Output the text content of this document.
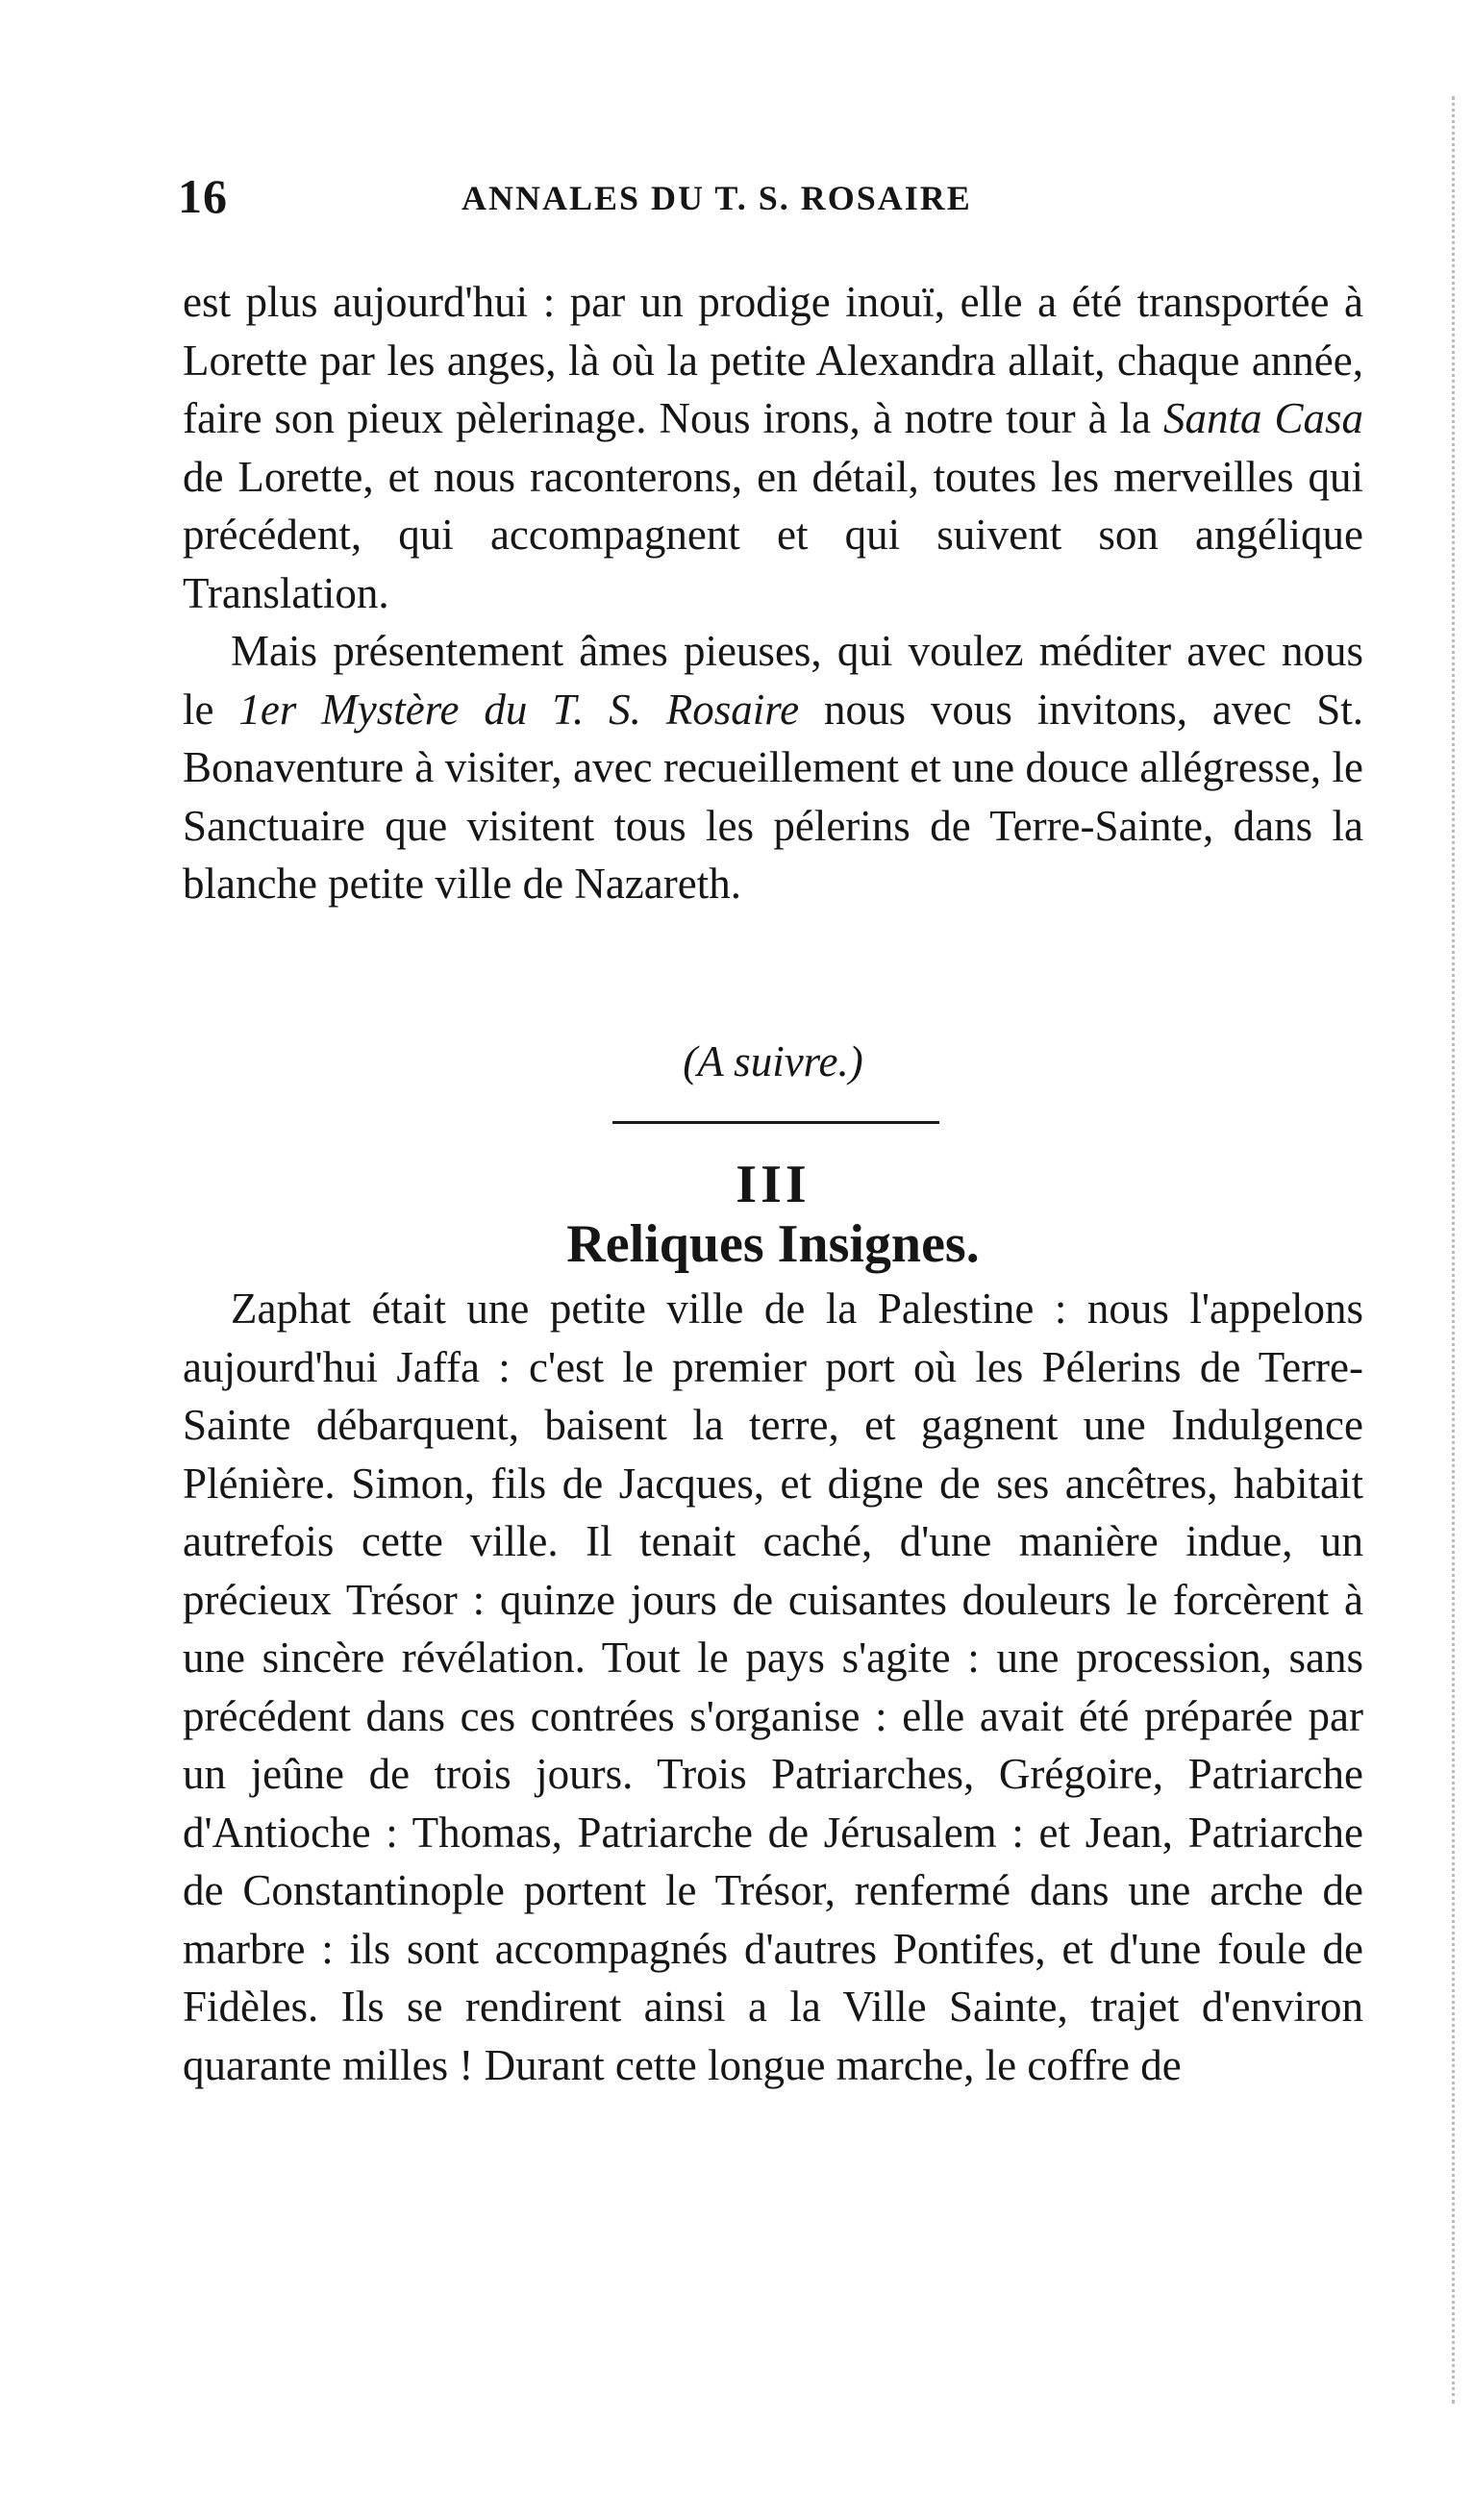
16	ANNALES DU T. S. ROSAIRE

est plus aujourd'hui : par un prodige inouï, elle a été transportée à Lorette par les anges, là où la petite Alexandra allait, chaque année, faire son pieux pèlerinage. Nous irons, à notre tour à la Santa Casa de Lorette, et nous raconterons, en détail, toutes les merveilles qui précédent, qui accompagnent et qui suivent son angélique Translation.

Mais présentement âmes pieuses, qui voulez méditer avec nous le 1er Mystère du T. S. Rosaire nous vous invitons, avec St. Bonaventure à visiter, avec recueillement et une douce allégresse, le Sanctuaire que visitent tous les pélerins de Terre-Sainte, dans la blanche petite ville de Nazareth.

(A suivre.)
III
Reliques Insignes.

Zaphat était une petite ville de la Palestine : nous l'appelons aujourd'hui Jaffa : c'est le premier port où les Pélerins de Terre-Sainte débarquent, baisent la terre, et gagnent une Indulgence Plénière. Simon, fils de Jacques, et digne de ses ancêtres, habitait autrefois cette ville. Il tenait caché, d'une manière indue, un précieux Trésor : quinze jours de cuisantes douleurs le forcèrent à une sincère révélation. Tout le pays s'agite : une procession, sans précédent dans ces contrées s'organise : elle avait été préparée par un jeûne de trois jours. Trois Patriarches, Grégoire, Patriarche d'Antioche : Thomas, Patriarche de Jérusalem : et Jean, Patriarche de Constantinople portent le Trésor, renfermé dans une arche de marbre : ils sont accompagnés d'autres Pontifes, et d'une foule de Fidèles. Ils se rendirent ainsi a la Ville Sainte, trajet d'environ quarante milles ! Durant cette longue marche, le coffre de
